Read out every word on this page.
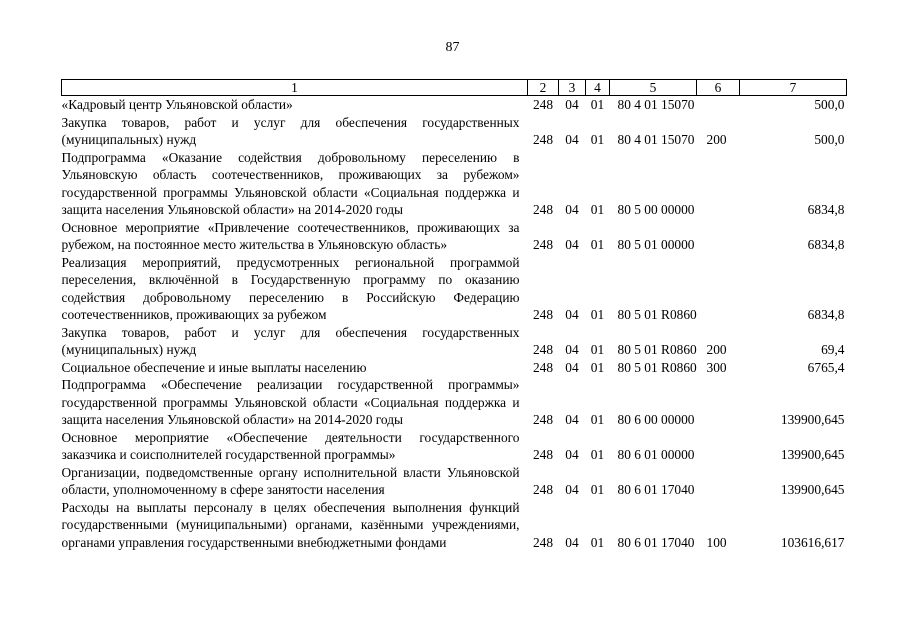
87
1	2	3	4	5	6	7
«Кадровый центр Ульяновской области»	248	04	01	80 4 01 15070		500,0
Закупка товаров, работ и услуг для обеспечения государственных (муниципальных) нужд	248	04	01	80 4 01 15070	200	500,0
Подпрограмма «Оказание содействия добровольному переселению в Ульяновскую область соотечественников, проживающих за рубежом» государственной программы Ульяновской области «Социальная поддержка и защита населения Ульяновской области» на 2014-2020 годы	248	04	01	80 5 00 00000		6834,8
Основное мероприятие «Привлечение соотечественников, проживающих за рубежом, на постоянное место жительства в Ульяновскую область»	248	04	01	80 5 01 00000		6834,8
Реализация мероприятий, предусмотренных региональной программой переселения, включённой в Государственную программу по оказанию содействия добровольному переселению в Российскую Федерацию соотечественников, проживающих за рубежом	248	04	01	80 5 01 R0860		6834,8
Закупка товаров, работ и услуг для обеспечения государственных (муниципальных) нужд	248	04	01	80 5 01 R0860	200	69,4
Социальное обеспечение и иные выплаты населению	248	04	01	80 5 01 R0860	300	6765,4
Подпрограмма «Обеспечение реализации государственной программы» государственной программы Ульяновской области «Социальная поддержка и защита населения Ульяновской области» на 2014-2020 годы	248	04	01	80 6 00 00000		139900,645
Основное мероприятие «Обеспечение деятельности государственного заказчика и соисполнителей государственной программы»	248	04	01	80 6 01 00000		139900,645
Организации, подведомственные органу исполнительной власти Ульяновской области, уполномоченному в сфере занятости населения	248	04	01	80 6 01 17040		139900,645
Расходы на выплаты персоналу в целях обеспечения выполнения функций государственными (муниципальными) органами, казёнными учреждениями, органами управления государственными внебюджетными фондами	248	04	01	80 6 01 17040	100	103616,617
